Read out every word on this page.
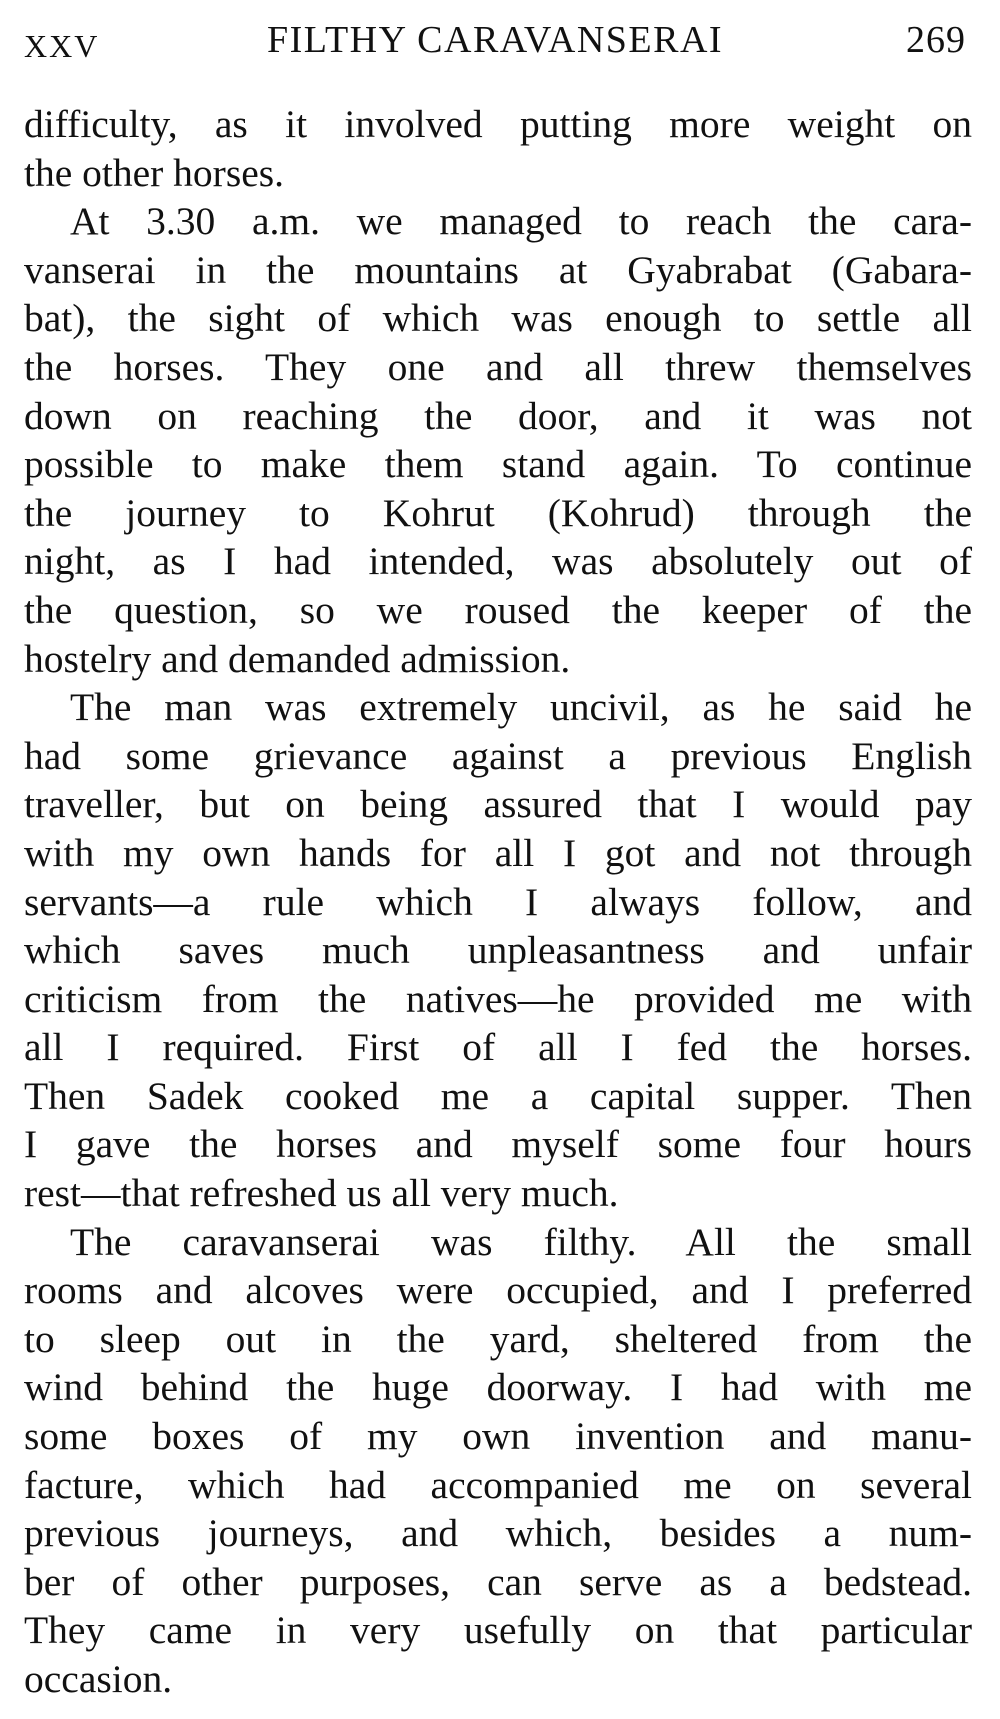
XXV	FILTHY CARAVANSERAI	269
difficulty, as it involved putting more weight on
the other horses.
At 3.30 a.m. we managed to reach the cara-
vanserai in the mountains at Gyabrabat (Gabara-
bat), the sight of which was enough to settle all
the horses. They one and all threw themselves
down on reaching the door, and it was not
possible to make them stand again. To continue
the journey to Kohrut (Kohrud) through the
night, as I had intended, was absolutely out of
the question, so we roused the keeper of the
hostelry and demanded admission.
The man was extremely uncivil, as he said he
had some grievance against a previous English
traveller, but on being assured that I would pay
with my own hands for all I got and not through
servants—a rule which I always follow, and
which saves much unpleasantness and unfair
criticism from the natives—he provided me with
all I required. First of all I fed the horses.
Then Sadek cooked me a capital supper. Then
I gave the horses and myself some four hours
rest—that refreshed us all very much.
The caravanserai was filthy. All the small
rooms and alcoves were occupied, and I preferred
to sleep out in the yard, sheltered from the
wind behind the huge doorway. I had with me
some boxes of my own invention and manu-
facture, which had accompanied me on several
previous journeys, and which, besides a num-
ber of other purposes, can serve as a bedstead.
They came in very usefully on that particular
occasion.
